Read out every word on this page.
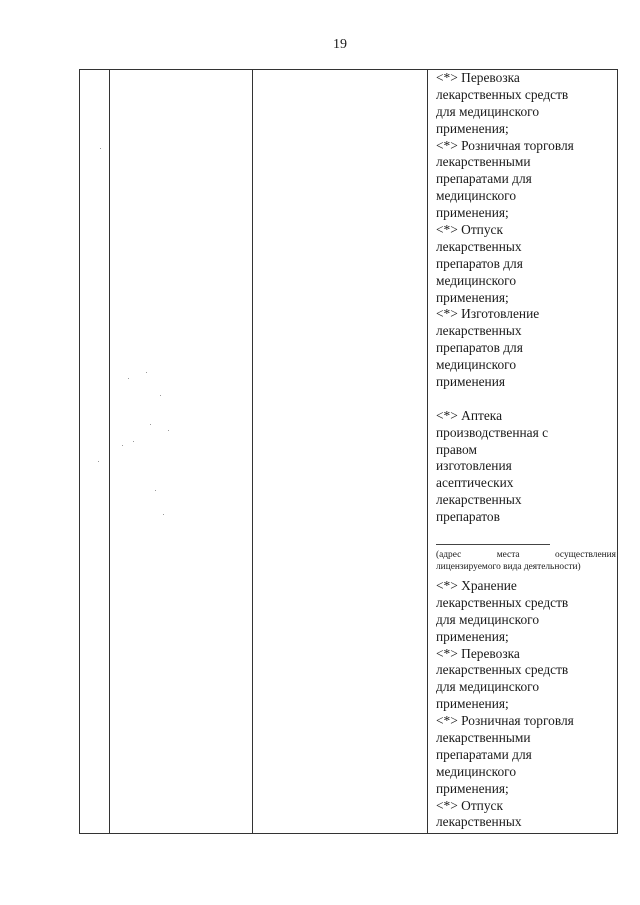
19
<*> Перевозка
лекарственных средств
для медицинского
применения;
<*> Розничная торговля
лекарственными
препаратами для
медицинского
применения;
<*> Отпуск
лекарственных
препаратов для
медицинского
применения;
<*> Изготовление
лекарственных
препаратов для
медицинского
применения
<*> Аптека
производственная с
правом
изготовления
асептических
лекарственных
препаратов
(адрес	места	осуществления
лицензируемого вида деятельности)
<*> Хранение
лекарственных средств
для медицинского
применения;
<*> Перевозка
лекарственных средств
для медицинского
применения;
<*> Розничная торговля
лекарственными
препаратами для
медицинского
применения;
<*> Отпуск
лекарственных
